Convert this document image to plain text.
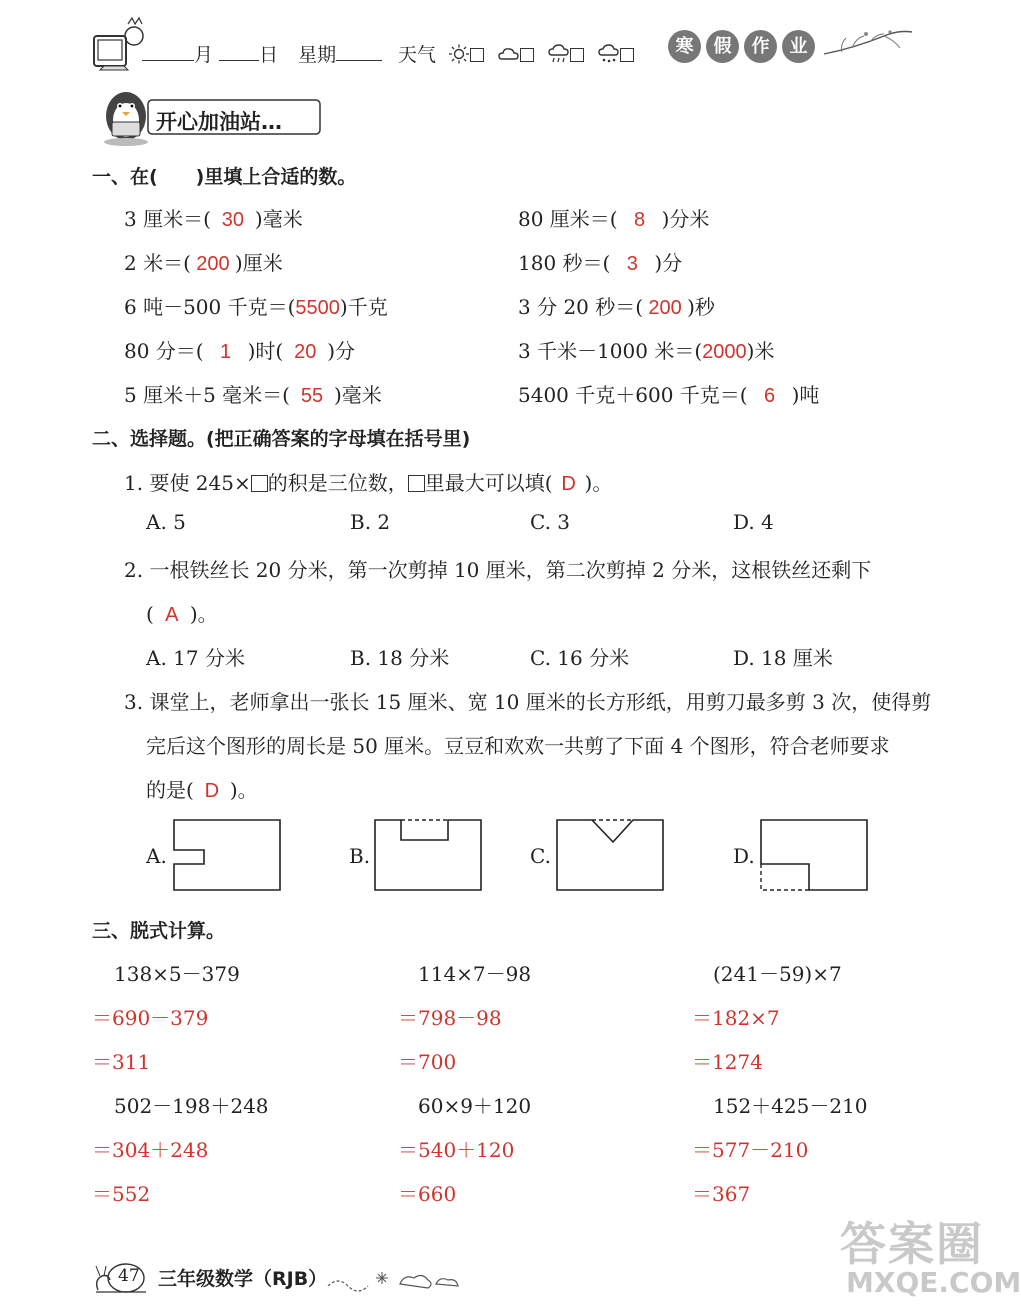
月 日 星期	天气	寒 假 作 业
开心加油站…
一、在(　　)里填上合适的数。
3 厘米＝( 30 )毫米	80 厘米＝( 8 )分米
2 米＝( 200 )厘米	180 秒＝( 3 )分
6 吨－500 千克＝(5500)千克	3 分 20 秒＝( 200 )秒
80 分＝( 1 )时( 20 )分	3 千米－1000 米＝(2000)米
5 厘米＋5 毫米＝( 55 )毫米	5400 千克＋600 千克＝( 6 )吨
二、选择题。(把正确答案的字母填在括号里)
1. 要使 245× 的积是三位数， 里最大可以填( D )。
A. 5	B. 2	C. 3	D. 4
2. 一根铁丝长 20 分米，第一次剪掉 10 厘米，第二次剪掉 2 分米，这根铁丝还剩下
( A )。
A. 17 分米	B. 18 分米	C. 16 分米	D. 18 厘米
3. 课堂上，老师拿出一张长 15 厘米、宽 10 厘米的长方形纸，用剪刀最多剪 3 次，使得剪
完后这个图形的周长是 50 厘米。豆豆和欢欢一共剪了下面 4 个图形，符合老师要求
的是( D )。
A.	B.	C.	D.
三、脱式计算。
138×5－379
＝690－379
＝311
114×7－98
＝798－98
＝700
(241－59)×7
＝182×7
＝1274
502－198＋248
＝304＋248
＝552
60×9＋120
＝540＋120
＝660
152＋425－210
＝577－210
＝367
47 三年级数学（RJB）
答案圈
MXQE.COM
